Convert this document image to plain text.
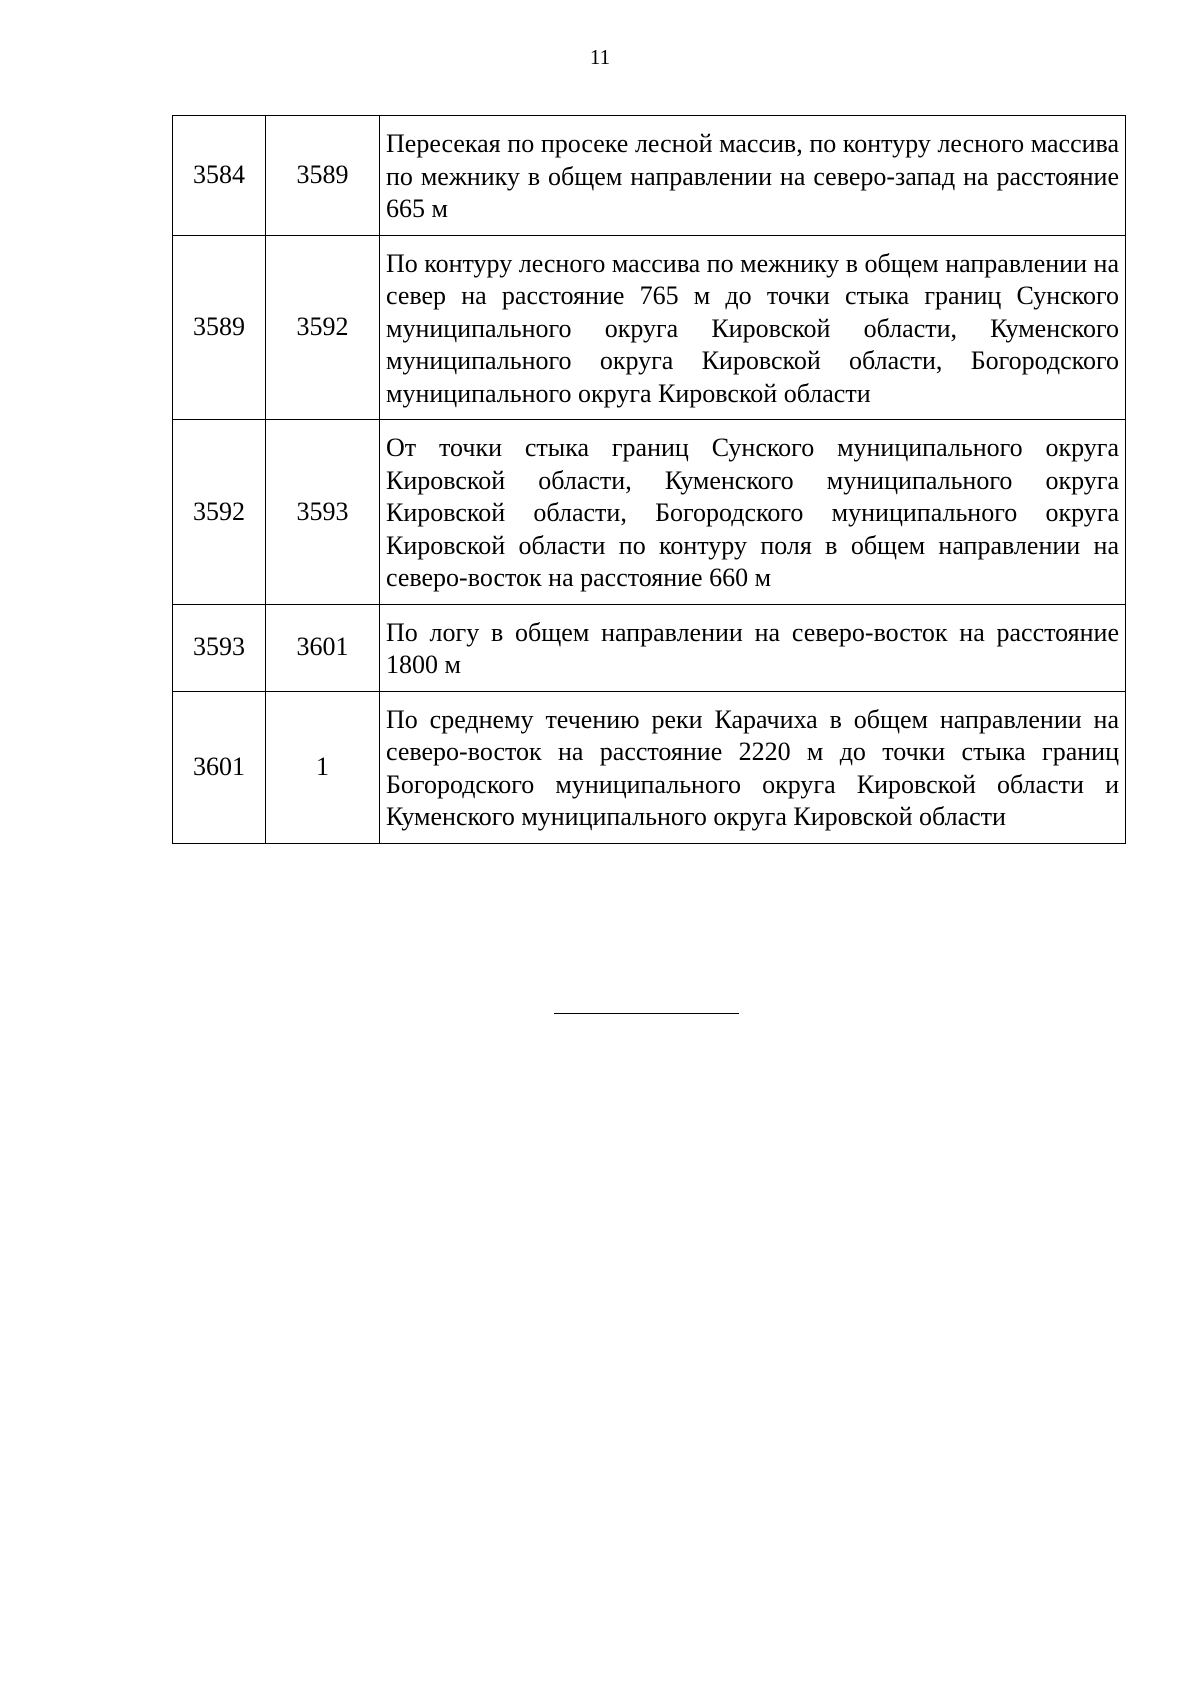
11
3584	3589	Пересекая по просеке лесной массив, по контуру лесного массива по межнику в общем направлении на северо-запад на расстояние 665 м
3589	3592	По контуру лесного массива по межнику в общем направлении на север на расстояние 765 м до точки стыка границ Сунского муниципального округа Кировской области, Куменского муниципального округа Кировской области, Богородского муниципального округа Кировской области
3592	3593	От точки стыка границ Сунского муниципального округа Кировской области, Куменского муниципального округа Кировской области, Богородского муниципального округа Кировской области по контуру поля в общем направлении на северо-восток на расстояние 660 м
3593	3601	По логу в общем направлении на северо-восток на расстояние 1800 м
3601	1	По среднему течению реки Карачиха в общем направлении на северо-восток на расстояние 2220 м до точки стыка границ Богородского муниципального округа Кировской области и Куменского муниципального округа Кировской области
